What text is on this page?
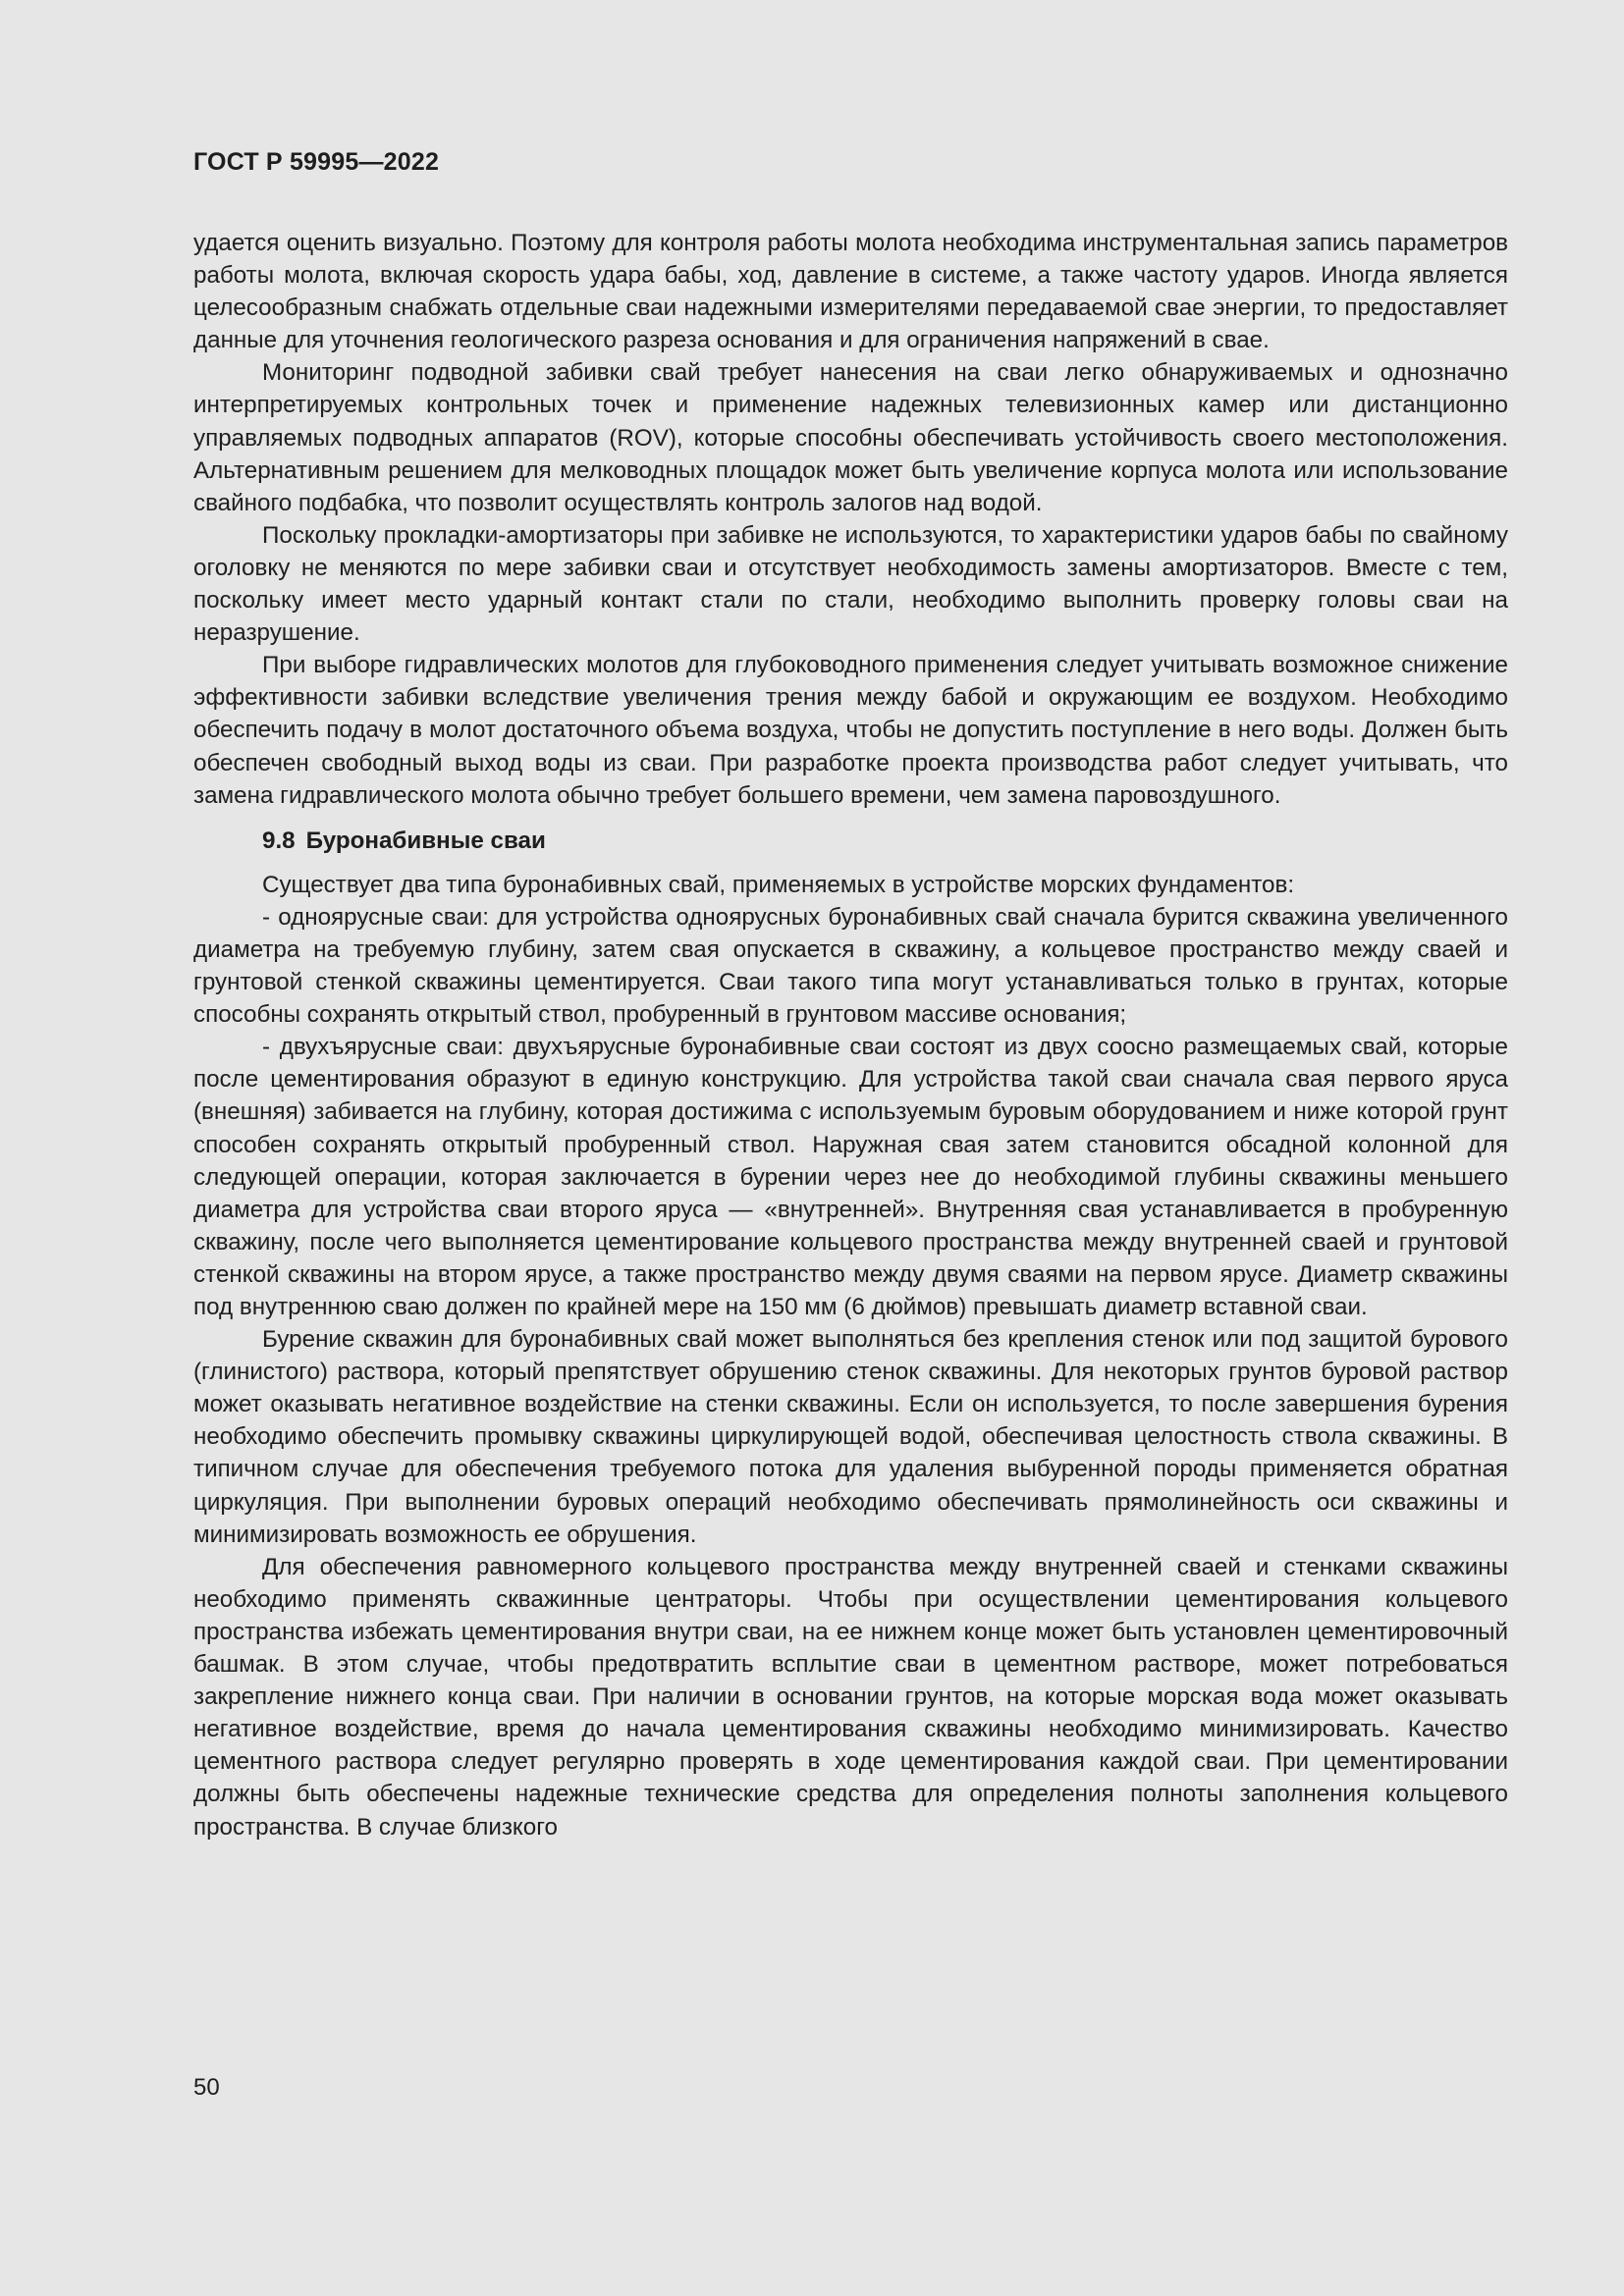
ГОСТ Р 59995—2022

удается оценить визуально. Поэтому для контроля работы молота необходима инструментальная запись параметров работы молота, включая скорость удара бабы, ход, давление в системе, а также частоту ударов. Иногда является целесообразным снабжать отдельные сваи надежными измерителями передаваемой свае энергии, то предоставляет данные для уточнения геологического разреза основания и для ограничения напряжений в свае.

Мониторинг подводной забивки свай требует нанесения на сваи легко обнаруживаемых и однозначно интерпретируемых контрольных точек и применение надежных телевизионных камер или дистанционно управляемых подводных аппаратов (ROV), которые способны обеспечивать устойчивость своего местоположения. Альтернативным решением для мелководных площадок может быть увеличение корпуса молота или использование свайного подбабка, что позволит осуществлять контроль залогов над водой.

Поскольку прокладки-амортизаторы при забивке не используются, то характеристики ударов бабы по свайному оголовку не меняются по мере забивки сваи и отсутствует необходимость замены амортизаторов. Вместе с тем, поскольку имеет место ударный контакт стали по стали, необходимо выполнить проверку головы сваи на неразрушение.

При выборе гидравлических молотов для глубоководного применения следует учитывать возможное снижение эффективности забивки вследствие увеличения трения между бабой и окружающим ее воздухом. Необходимо обеспечить подачу в молот достаточного объема воздуха, чтобы не допустить поступление в него воды. Должен быть обеспечен свободный выход воды из сваи. При разработке проекта производства работ следует учитывать, что замена гидравлического молота обычно требует большего времени, чем замена паровоздушного.

9.8 Буронабивные сваи

Существует два типа буронабивных свай, применяемых в устройстве морских фундаментов:

- одноярусные сваи: для устройства одноярусных буронабивных свай сначала бурится скважина увеличенного диаметра на требуемую глубину, затем свая опускается в скважину, а кольцевое пространство между сваей и грунтовой стенкой скважины цементируется. Сваи такого типа могут устанавливаться только в грунтах, которые способны сохранять открытый ствол, пробуренный в грунтовом массиве основания;

- двухъярусные сваи: двухъярусные буронабивные сваи состоят из двух соосно размещаемых свай, которые после цементирования образуют в единую конструкцию. Для устройства такой сваи сначала свая первого яруса (внешняя) забивается на глубину, которая достижима с используемым буровым оборудованием и ниже которой грунт способен сохранять открытый пробуренный ствол. Наружная свая затем становится обсадной колонной для следующей операции, которая заключается в бурении через нее до необходимой глубины скважины меньшего диаметра для устройства сваи второго яруса — «внутренней». Внутренняя свая устанавливается в пробуренную скважину, после чего выполняется цементирование кольцевого пространства между внутренней сваей и грунтовой стенкой скважины на втором ярусе, а также пространство между двумя сваями на первом ярусе. Диаметр скважины под внутреннюю сваю должен по крайней мере на 150 мм (6 дюймов) превышать диаметр вставной сваи.

Бурение скважин для буронабивных свай может выполняться без крепления стенок или под защитой бурового (глинистого) раствора, который препятствует обрушению стенок скважины. Для некоторых грунтов буровой раствор может оказывать негативное воздействие на стенки скважины. Если он используется, то после завершения бурения необходимо обеспечить промывку скважины циркулирующей водой, обеспечивая целостность ствола скважины. В типичном случае для обеспечения требуемого потока для удаления выбуренной породы применяется обратная циркуляция. При выполнении буровых операций необходимо обеспечивать прямолинейность оси скважины и минимизировать возможность ее обрушения.

Для обеспечения равномерного кольцевого пространства между внутренней сваей и стенками скважины необходимо применять скважинные центраторы. Чтобы при осуществлении цементирования кольцевого пространства избежать цементирования внутри сваи, на ее нижнем конце может быть установлен цементировочный башмак. В этом случае, чтобы предотвратить всплытие сваи в цементном растворе, может потребоваться закрепление нижнего конца сваи. При наличии в основании грунтов, на которые морская вода может оказывать негативное воздействие, время до начала цементирования скважины необходимо минимизировать. Качество цементного раствора следует регулярно проверять в ходе цементирования каждой сваи. При цементировании должны быть обеспечены надежные технические средства для определения полноты заполнения кольцевого пространства. В случае близкого

50
